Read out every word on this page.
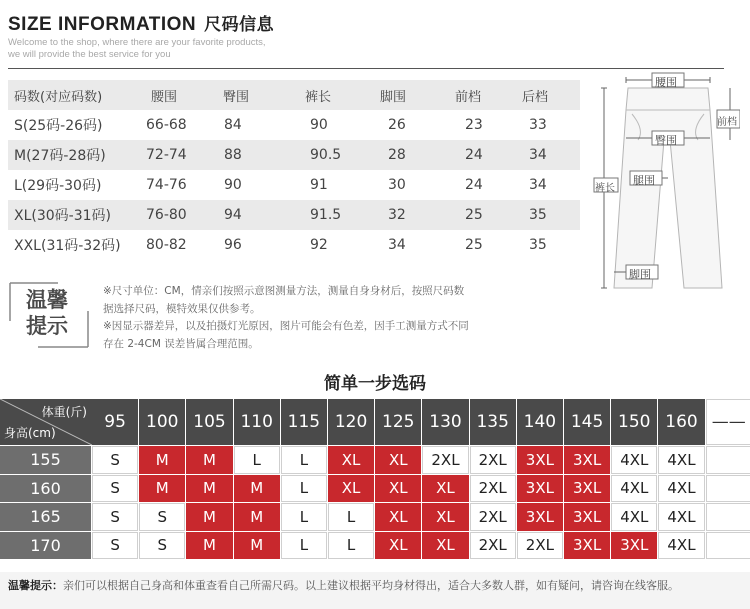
SIZE INFORMATION 尺码信息
Welcome to the shop, where there are your favorite products,
we will provide the best service for you
码数(对应码数)	腰围	臀围	裤长	脚围	前档	后档
S(25码-26码)	66-68	84	90	26	23	33
M(27码-28码)	72-74	88	90.5	28	24	34
L(29码-30码)	74-76	90	91	30	24	34
XL(30码-31码)	76-80	94	91.5	32	25	35
XXL(31码-32码) 80-82	96	92	34	25	35
腰围
臀围
腿围
前档
裤长
脚围
温馨
提示
※尺寸单位：CM，情亲们按照示意图测量方法，测量自身身材后，按照尺码数
据选择尺码，模特效果仅供参考。
※因显示器差异，以及拍摄灯光原因，图片可能会有色差，因手工测量方式不同
存在 2-4CM 误差皆属合理范围。
简单一步选码
体重(斤)
身高(cm)
95	100 105 110 115 120 125 130 135 140 145 150 160 ——
155	S	M	M	L	L	XL	XL	2XL	2XL	3XL	3XL	4XL	4XL
160	S	M	M	M	L	XL	XL	XL	2XL	3XL	3XL	4XL	4XL
165	S	S	M	M	L	L	XL	XL	2XL	3XL	3XL	4XL	4XL
170	S	S	M	M	L	L	XL	XL	2XL	2XL	3XL	3XL	4XL
温馨提示：亲们可以根据自己身高和体重查看自己所需尺码。以上建议根据平均身材得出，适合大多数人群，如有疑问，请咨询在线客服。
